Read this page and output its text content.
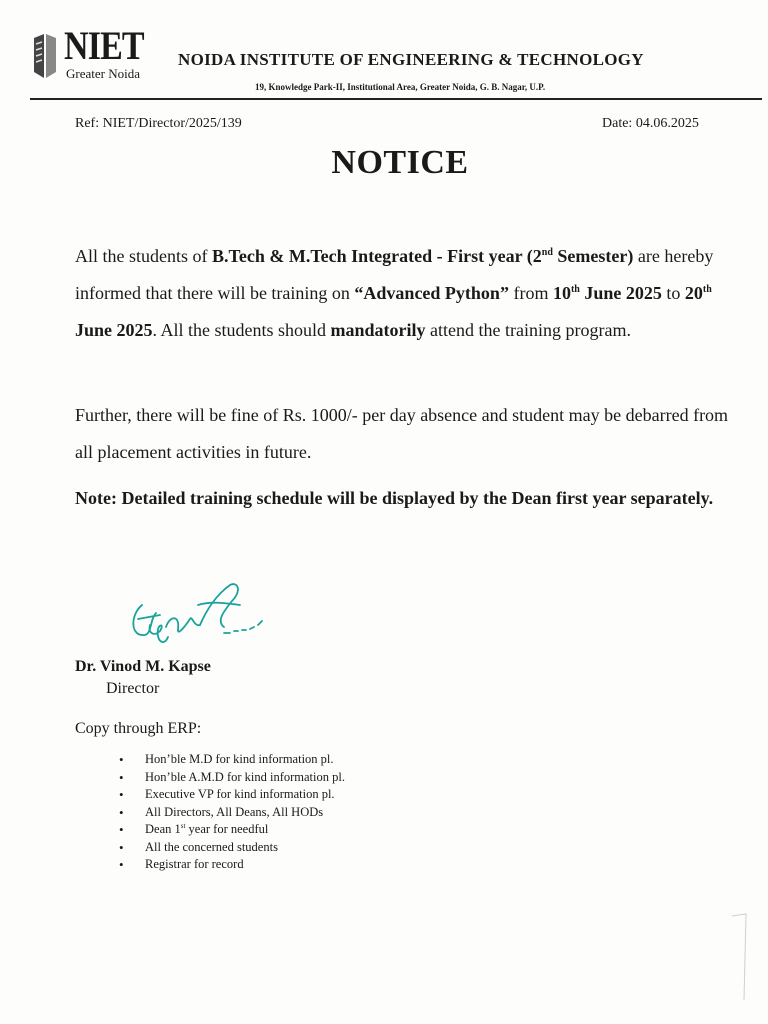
NIET
Greater Noida
NOIDA INSTITUTE OF ENGINEERING & TECHNOLOGY
19, Knowledge Park-II, Institutional Area, Greater Noida, G. B. Nagar, U.P.
Ref: NIET/Director/2025/139	Date: 04.06.2025
NOTICE
All the students of B.Tech & M.Tech Integrated - First year (2nd Semester) are hereby informed that there will be training on “Advanced Python” from 10th June 2025 to 20th June 2025. All the students should mandatorily attend the training program.
Further, there will be fine of Rs. 1000/- per day absence and student may be debarred from all placement activities in future.
Note: Detailed training schedule will be displayed by the Dean first year separately.
Dr. Vinod M. Kapse
Director
Copy through ERP:
• Hon’ble M.D for kind information pl.
• Hon’ble A.M.D for kind information pl.
• Executive VP for kind information pl.
• All Directors, All Deans, All HODs
• Dean 1st year for needful
• All the concerned students
• Registrar for record
